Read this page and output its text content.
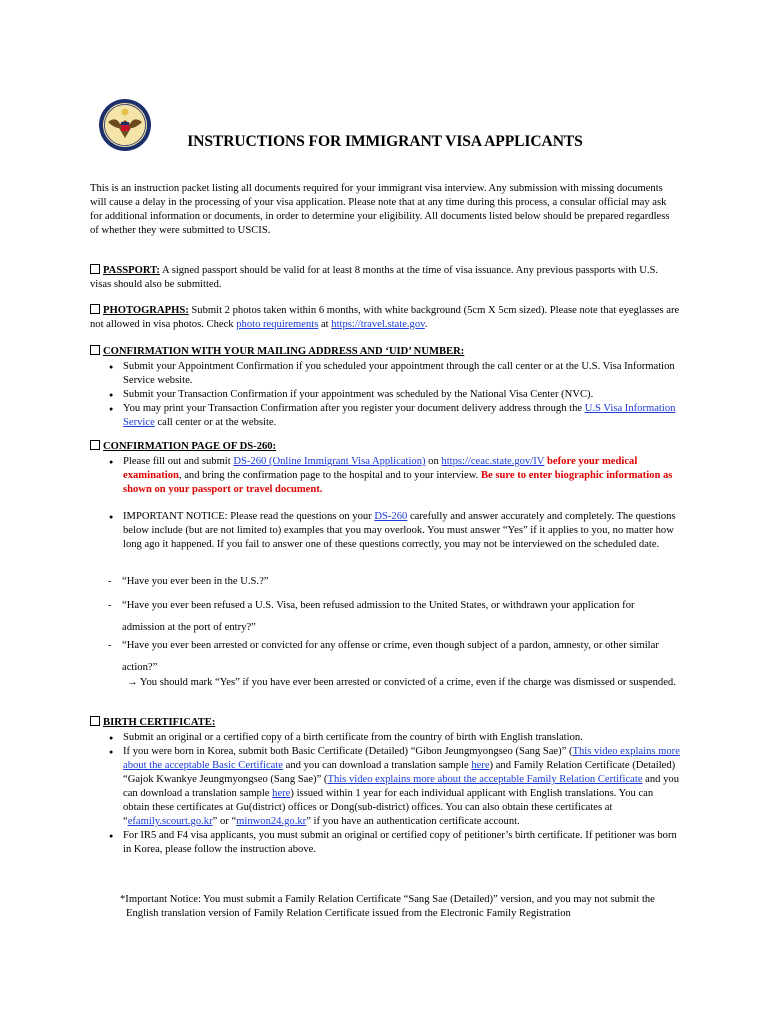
INSTRUCTIONS FOR IMMIGRANT VISA APPLICANTS

This is an instruction packet listing all documents required for your immigrant visa interview. Any submission with missing documents will cause a delay in the processing of your visa application. Please note that at any time during this process, a consular official may ask for additional information or documents, in order to determine your eligibility. All documents listed below should be prepared regardless of whether they were submitted to USCIS.

PASSPORT: A signed passport should be valid for at least 8 months at the time of visa issuance. Any previous passports with U.S. visas should also be submitted.
PHOTOGRAPHS: Submit 2 photos taken within 6 months, with white background (5cm X 5cm sized). Please note that eyeglasses are not allowed in visa photos. Check photo requirements at https://travel.state.gov.
CONFIRMATION WITH YOUR MAILING ADDRESS AND ‘UID’ NUMBER:
● Submit your Appointment Confirmation if you scheduled your appointment through the call center or at the U.S. Visa Information Service website.
● Submit your Transaction Confirmation if your appointment was scheduled by the National Visa Center (NVC).
● You may print your Transaction Confirmation after you register your document delivery address through the U.S Visa Information Service call center or at the website.
CONFIRMATION PAGE OF DS-260:
● Please fill out and submit DS-260 (Online Immigrant Visa Application) on https://ceac.state.gov/IV before your medical examination, and bring the confirmation page to the hospital and to your interview. Be sure to enter biographic information as shown on your passport or travel document.
● IMPORTANT NOTICE: Please read the questions on your DS-260 carefully and answer accurately and completely. The questions below include (but are not limited to) examples that you may overlook. You must answer “Yes” if it applies to you, no matter how long ago it happened. If you fail to answer one of these questions correctly, you may not be interviewed on the scheduled date.
- “Have you ever been in the U.S.?”
- “Have you ever been refused a U.S. Visa, been refused admission to the United States, or withdrawn your application for admission at the port of entry?”
- “Have you ever been arrested or convicted for any offense or crime, even though subject of a pardon, amnesty, or other similar action?”
→ You should mark “Yes” if you have ever been arrested or convicted of a crime, even if the charge was dismissed or suspended.
BIRTH CERTIFICATE:
● Submit an original or a certified copy of a birth certificate from the country of birth with English translation.
● If you were born in Korea, submit both Basic Certificate (Detailed) “Gibon Jeungmyongseo (Sang Sae)” (This video explains more about the acceptable Basic Certificate and you can download a translation sample here) and Family Relation Certificate (Detailed) “Gajok Kwankye Jeungmyongseo (Sang Sae)” (This video explains more about the acceptable Family Relation Certificate and you can download a translation sample here) issued within 1 year for each individual applicant with English translations. You can obtain these certificates at Gu(district) offices or Dong(sub-district) offices. You can also obtain these certificates at “efamily.scourt.go.kr” or “minwon24.go.kr” if you have an authentication certificate account.
● For IR5 and F4 visa applicants, you must submit an original or certified copy of petitioner’s birth certificate. If petitioner was born in Korea, please follow the instruction above.
*Important Notice: You must submit a Family Relation Certificate “Sang Sae (Detailed)” version, and you may not submit the English translation version of Family Relation Certificate issued from the Electronic Family Registration
